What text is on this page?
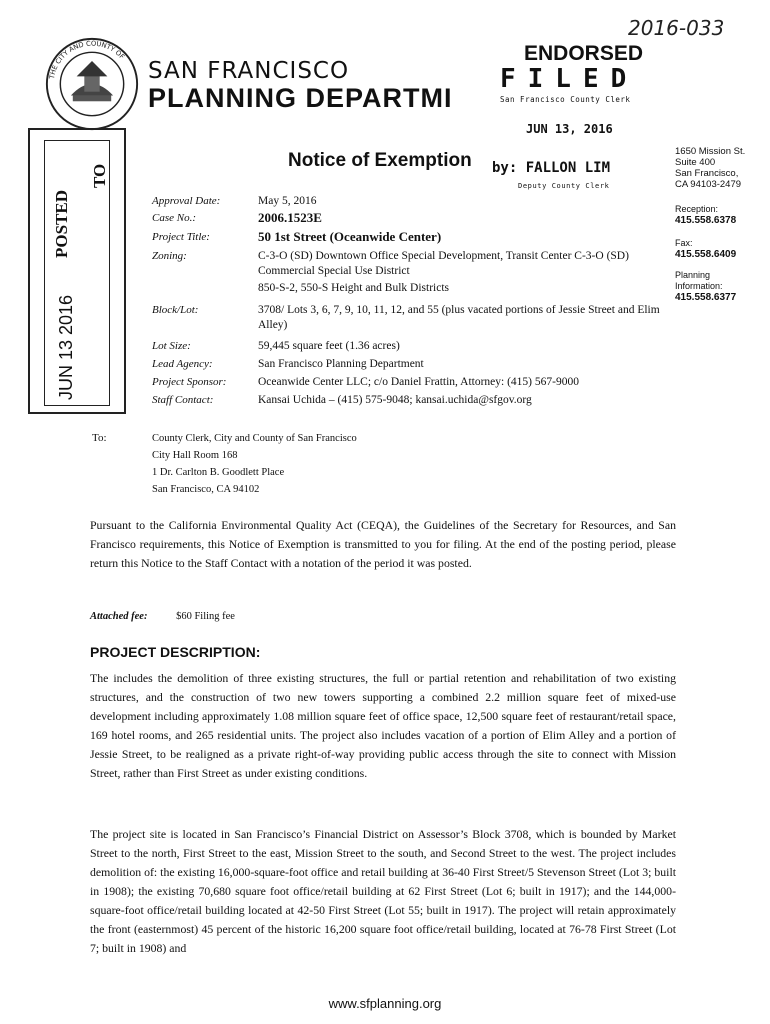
2016-033
THE CITY AND COUNTY OF
SAN FRANCISCO
PLANNING DEPARTMI
ENDORSED
FILED
San Francisco County Clerk
JUN 13, 2016
by: FALLON LIM
Deputy County Clerk
1650 Mission St.
Suite 400
San Francisco,
CA 94103-2479
Reception:
415.558.6378
Fax:
415.558.6409
Planning
Information:
415.558.6377
JUN 13 2016
POSTED
TO
Notice of Exemption
Approval Date:	May 5, 2016
Case No.:	2006.1523E
Project Title:	50 1st Street (Oceanwide Center)
Zoning:	C-3-O (SD) Downtown Office Special Development, Transit Center C-3-O (SD) Commercial Special Use District
850-S-2, 550-S Height and Bulk Districts
Block/Lot:	3708/ Lots 3, 6, 7, 9, 10, 11, 12, and 55 (plus vacated portions of Jessie Street and Elim Alley)
Lot Size:	59,445 square feet (1.36 acres)
Lead Agency:	San Francisco Planning Department
Project Sponsor:	Oceanwide Center LLC; c/o Daniel Frattin, Attorney: (415) 567-9000
Staff Contact:	Kansai Uchida – (415) 575-9048; kansai.uchida@sfgov.org
To:	County Clerk, City and County of San Francisco
City Hall Room 168
1 Dr. Carlton B. Goodlett Place
San Francisco, CA 94102
Pursuant to the California Environmental Quality Act (CEQA), the Guidelines of the Secretary for Resources, and San Francisco requirements, this Notice of Exemption is transmitted to you for filing. At the end of the posting period, please return this Notice to the Staff Contact with a notation of the period it was posted.
Attached fee:	$60 Filing fee
PROJECT DESCRIPTION:
The includes the demolition of three existing structures, the full or partial retention and rehabilitation of two existing structures, and the construction of two new towers supporting a combined 2.2 million square feet of mixed-use development including approximately 1.08 million square feet of office space, 12,500 square feet of restaurant/retail space, 169 hotel rooms, and 265 residential units. The project also includes vacation of a portion of Elim Alley and a portion of Jessie Street, to be realigned as a private right-of-way providing public access through the site to connect with Mission Street, rather than First Street as under existing conditions.
The project site is located in San Francisco’s Financial District on Assessor’s Block 3708, which is bounded by Market Street to the north, First Street to the east, Mission Street to the south, and Second Street to the west. The project includes demolition of: the existing 16,000-square-foot office and retail building at 36-40 First Street/5 Stevenson Street (Lot 3; built in 1908); the existing 70,680 square foot office/retail building at 62 First Street (Lot 6; built in 1917); and the 144,000-square-foot office/retail building located at 42-50 First Street (Lot 55; built in 1917). The project will retain approximately the front (easternmost) 45 percent of the historic 16,200 square foot office/retail building, located at 76-78 First Street (Lot 7; built in 1908) and
www.sfplanning.org
